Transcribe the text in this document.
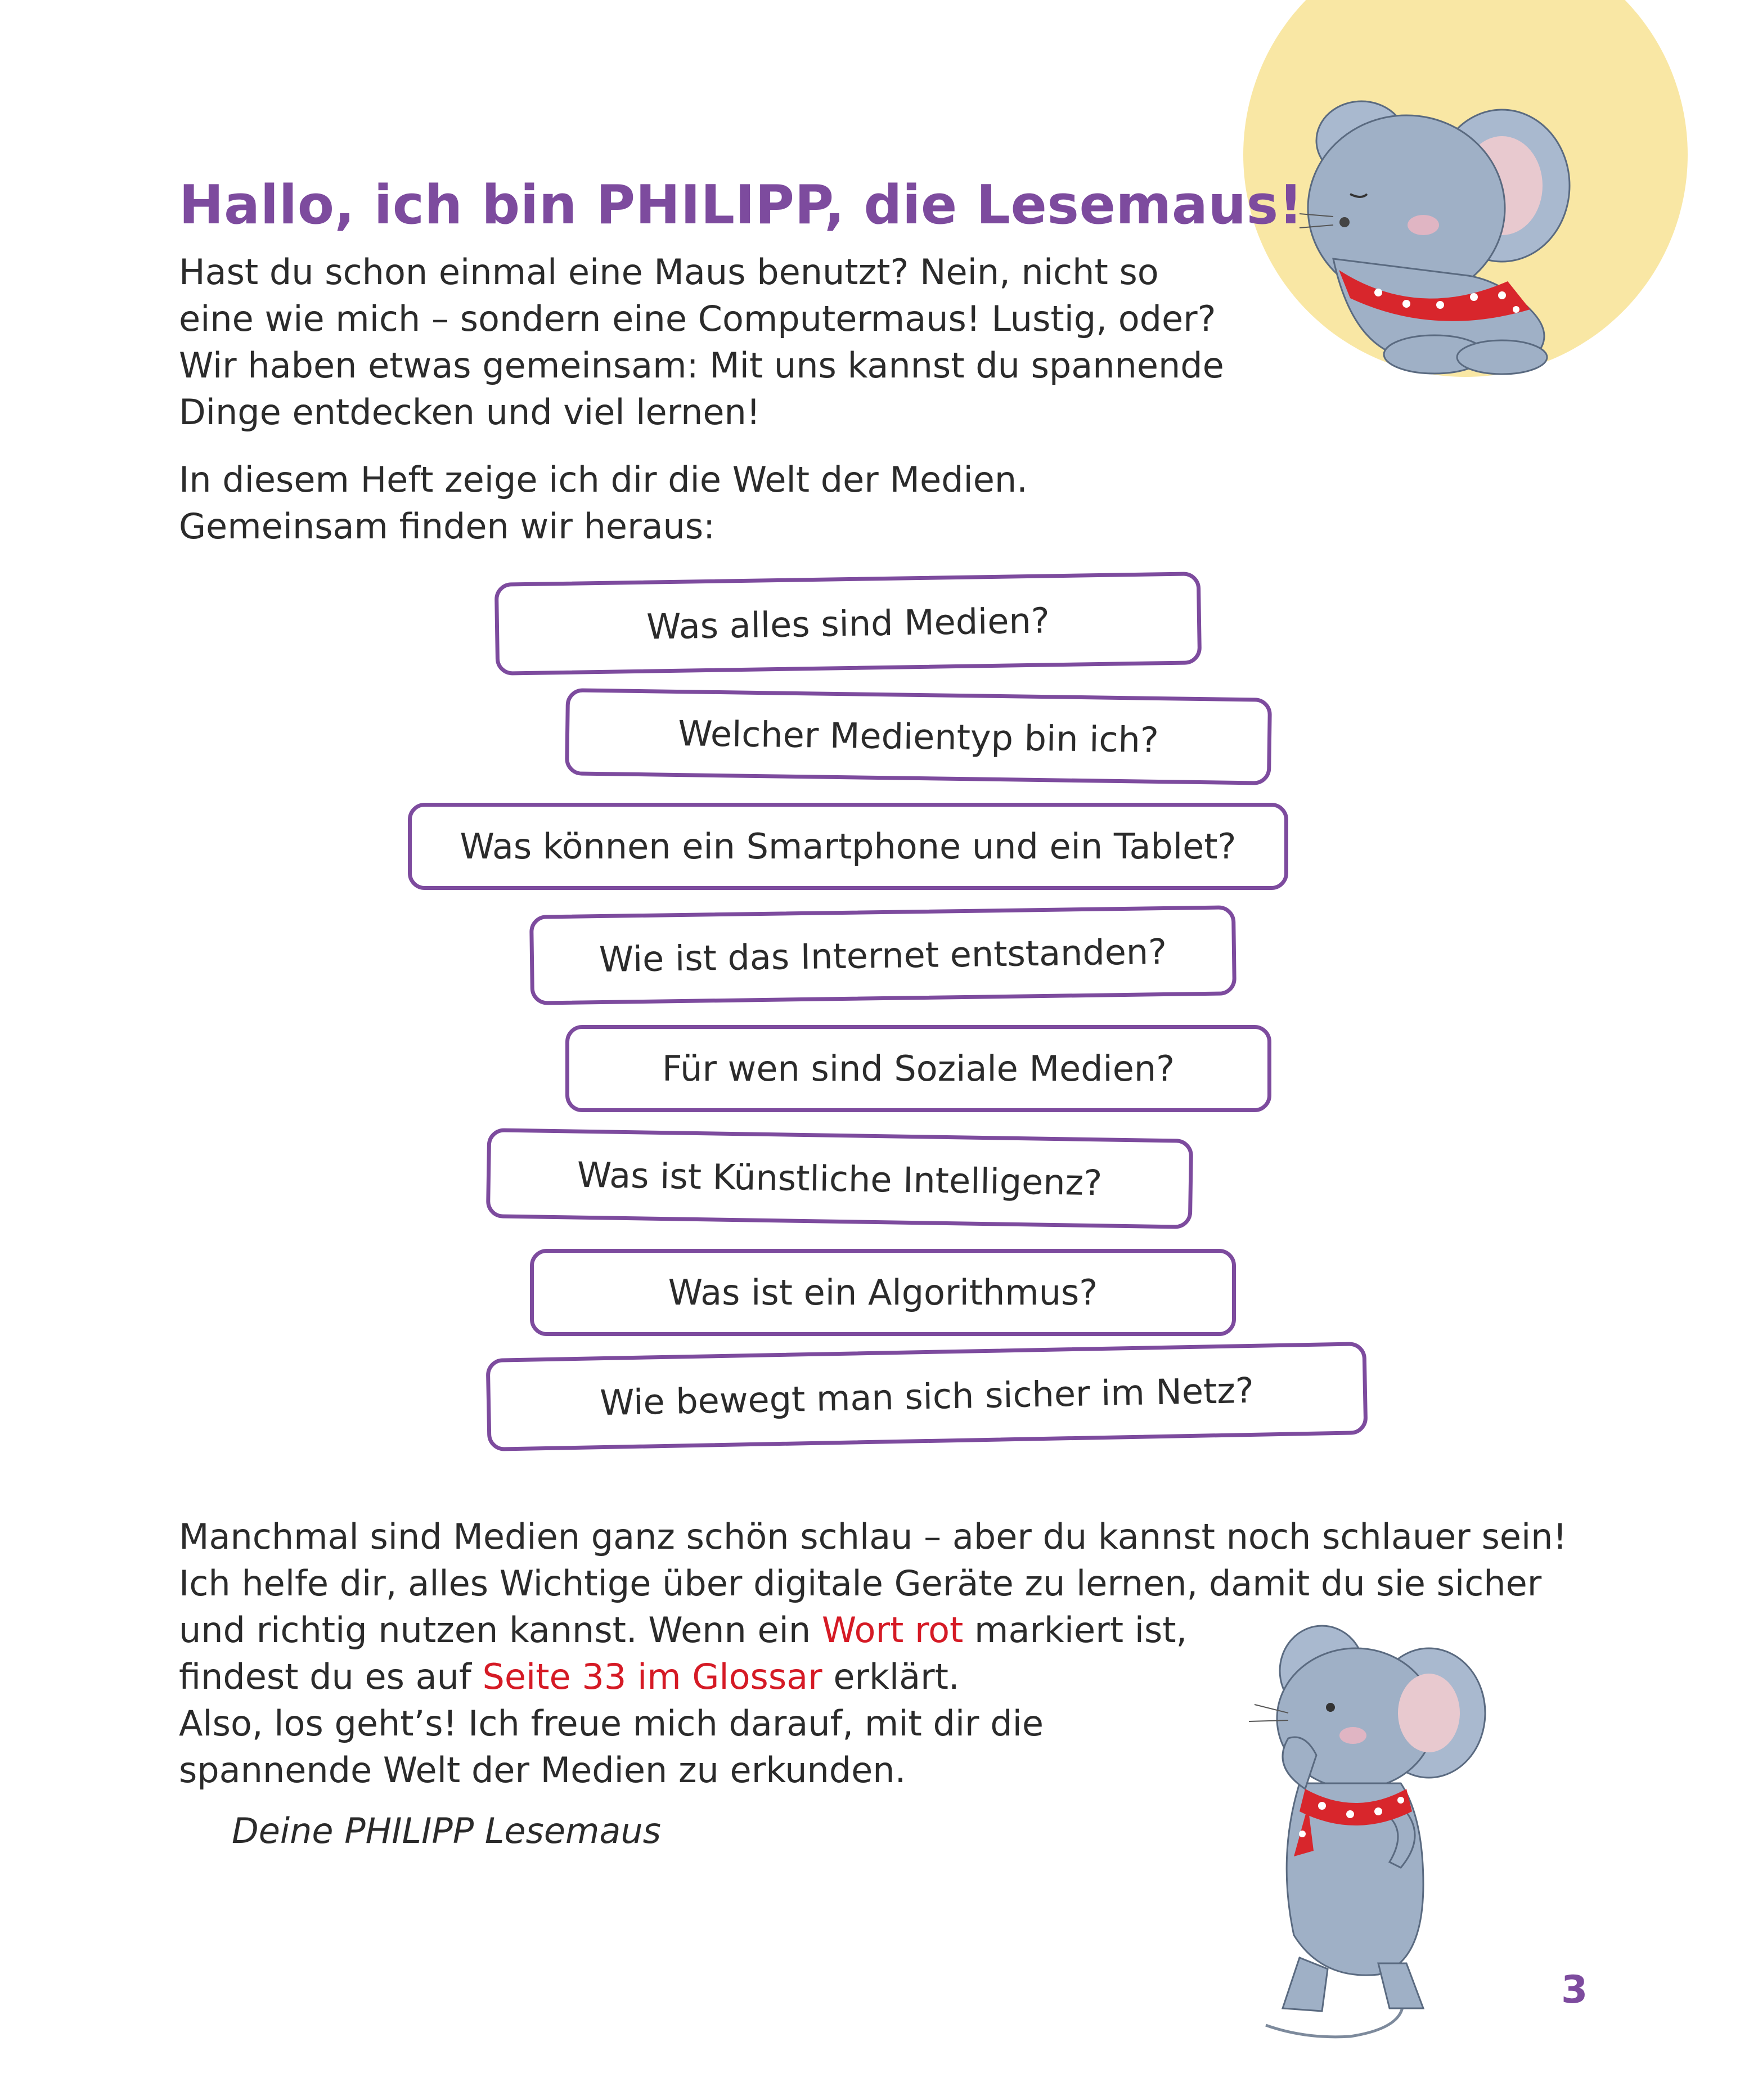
Hallo, ich bin PHILIPP, die Lesemaus!

Hast du schon einmal eine Maus benutzt? Nein, nicht so
eine wie mich – sondern eine Computermaus! Lustig, oder?
Wir haben etwas gemeinsam: Mit uns kannst du spannende
Dinge entdecken und viel lernen!

In diesem Heft zeige ich dir die Welt der Medien.
Gemeinsam finden wir heraus:

Was alles sind Medien?
Welcher Medientyp bin ich?
Was können ein Smartphone und ein Tablet?
Wie ist das Internet entstanden?
Für wen sind Soziale Medien?
Was ist Künstliche Intelligenz?
Was ist ein Algorithmus?
Wie bewegt man sich sicher im Netz?

Manchmal sind Medien ganz schön schlau – aber du kannst noch schlauer sein!
Ich helfe dir, alles Wichtige über digitale Geräte zu lernen, damit du sie sicher
und richtig nutzen kannst. Wenn ein Wort rot markiert ist,
findest du es auf Seite 33 im Glossar erklärt.
Also, los geht’s! Ich freue mich darauf, mit dir die
spannende Welt der Medien zu erkunden.

Deine PHILIPP Lesemaus

3
